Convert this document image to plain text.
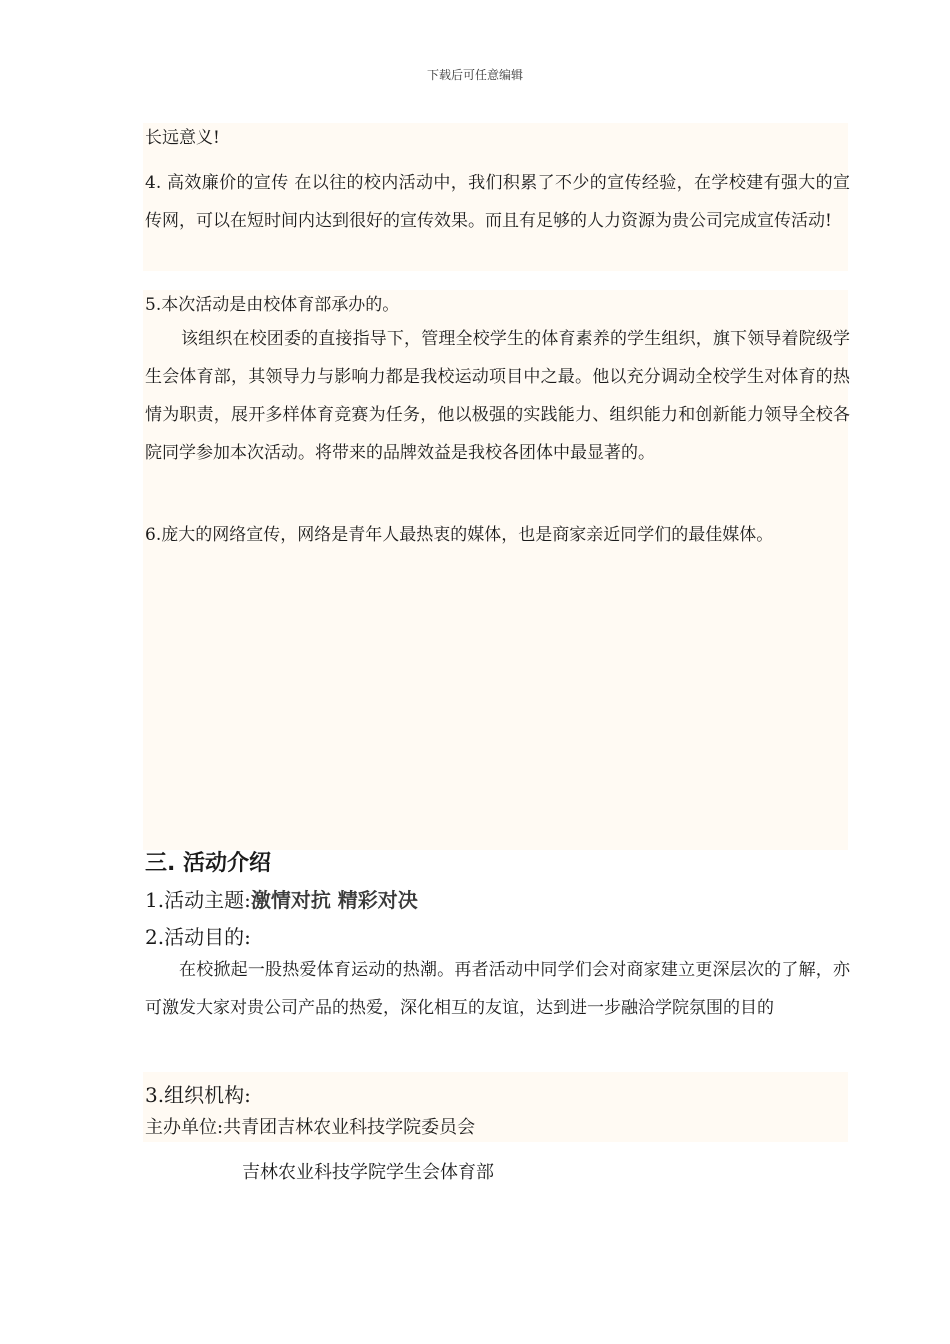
下载后可任意编辑
长远意义!
4. 高效廉价的宣传 在以往的校内活动中，我们积累了不少的宣传经验，在学校建有强大的宣传网，可以在短时间内达到很好的宣传效果。而且有足够的人力资源为贵公司完成宣传活动!
5.本次活动是由校体育部承办的。
该组织在校团委的直接指导下，管理全校学生的体育素养的学生组织，旗下领导着院级学生会体育部，其领导力与影响力都是我校运动项目中之最。他以充分调动全校学生对体育的热情为职责，展开多样体育竞赛为任务，他以极强的实践能力、组织能力和创新能力领导全校各院同学参加本次活动。将带来的品牌效益是我校各团体中最显著的。
6.庞大的网络宣传，网络是青年人最热衷的媒体，也是商家亲近同学们的最佳媒体。
三. 活动介绍
1.活动主题:激情对抗 精彩对决
2.活动目的:
在校掀起一股热爱体育运动的热潮。再者活动中同学们会对商家建立更深层次的了解，亦可激发大家对贵公司产品的热爱，深化相互的友谊，达到进一步融洽学院氛围的目的
3.组织机构:
主办单位:共青团吉林农业科技学院委员会
吉林农业科技学院学生会体育部
